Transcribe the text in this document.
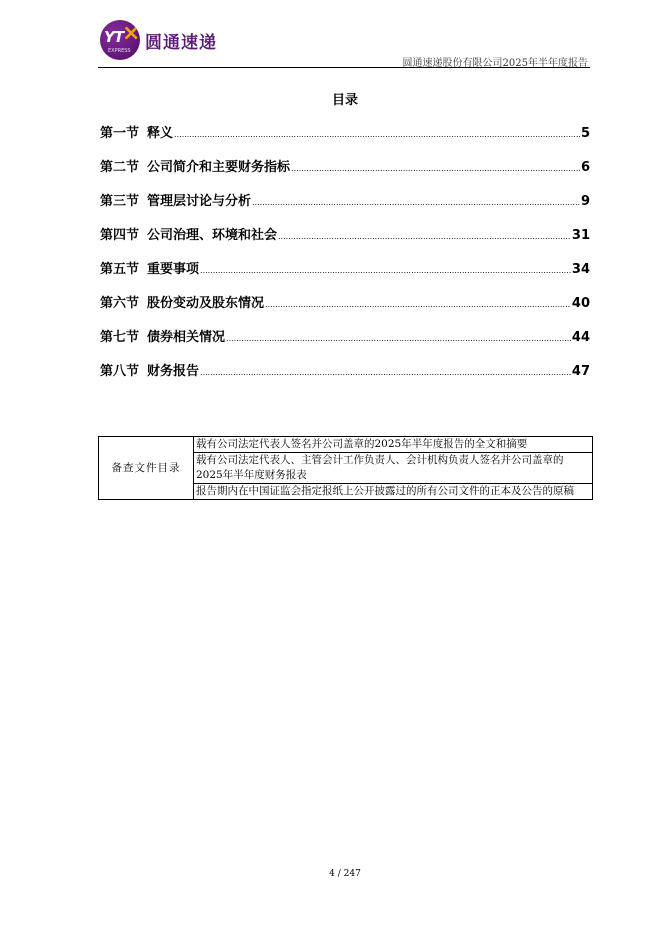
YT
×
EXPRESS 圆通速递
圆通速递股份有限公司2025年半年度报告
目录
第一节 释义 .....	5
第二节 公司简介和主要财务指标 .....	6
第三节 管理层讨论与分析 .....	9
第四节 公司治理、环境和社会 .....	31
第五节 重要事项 .....	34
第六节 股份变动及股东情况 .....	40
第七节 债券相关情况 .....	44
第八节 财务报告 .....	47
备查文件目录	载有公司法定代表人签名并公司盖章的2025年半年度报告的全文和摘要
载有公司法定代表人、主管会计工作负责人、会计机构负责人签名并公司盖章的2025年半年度财务报表
报告期内在中国证监会指定报纸上公开披露过的所有公司文件的正本及公告的原稿
4 / 247
